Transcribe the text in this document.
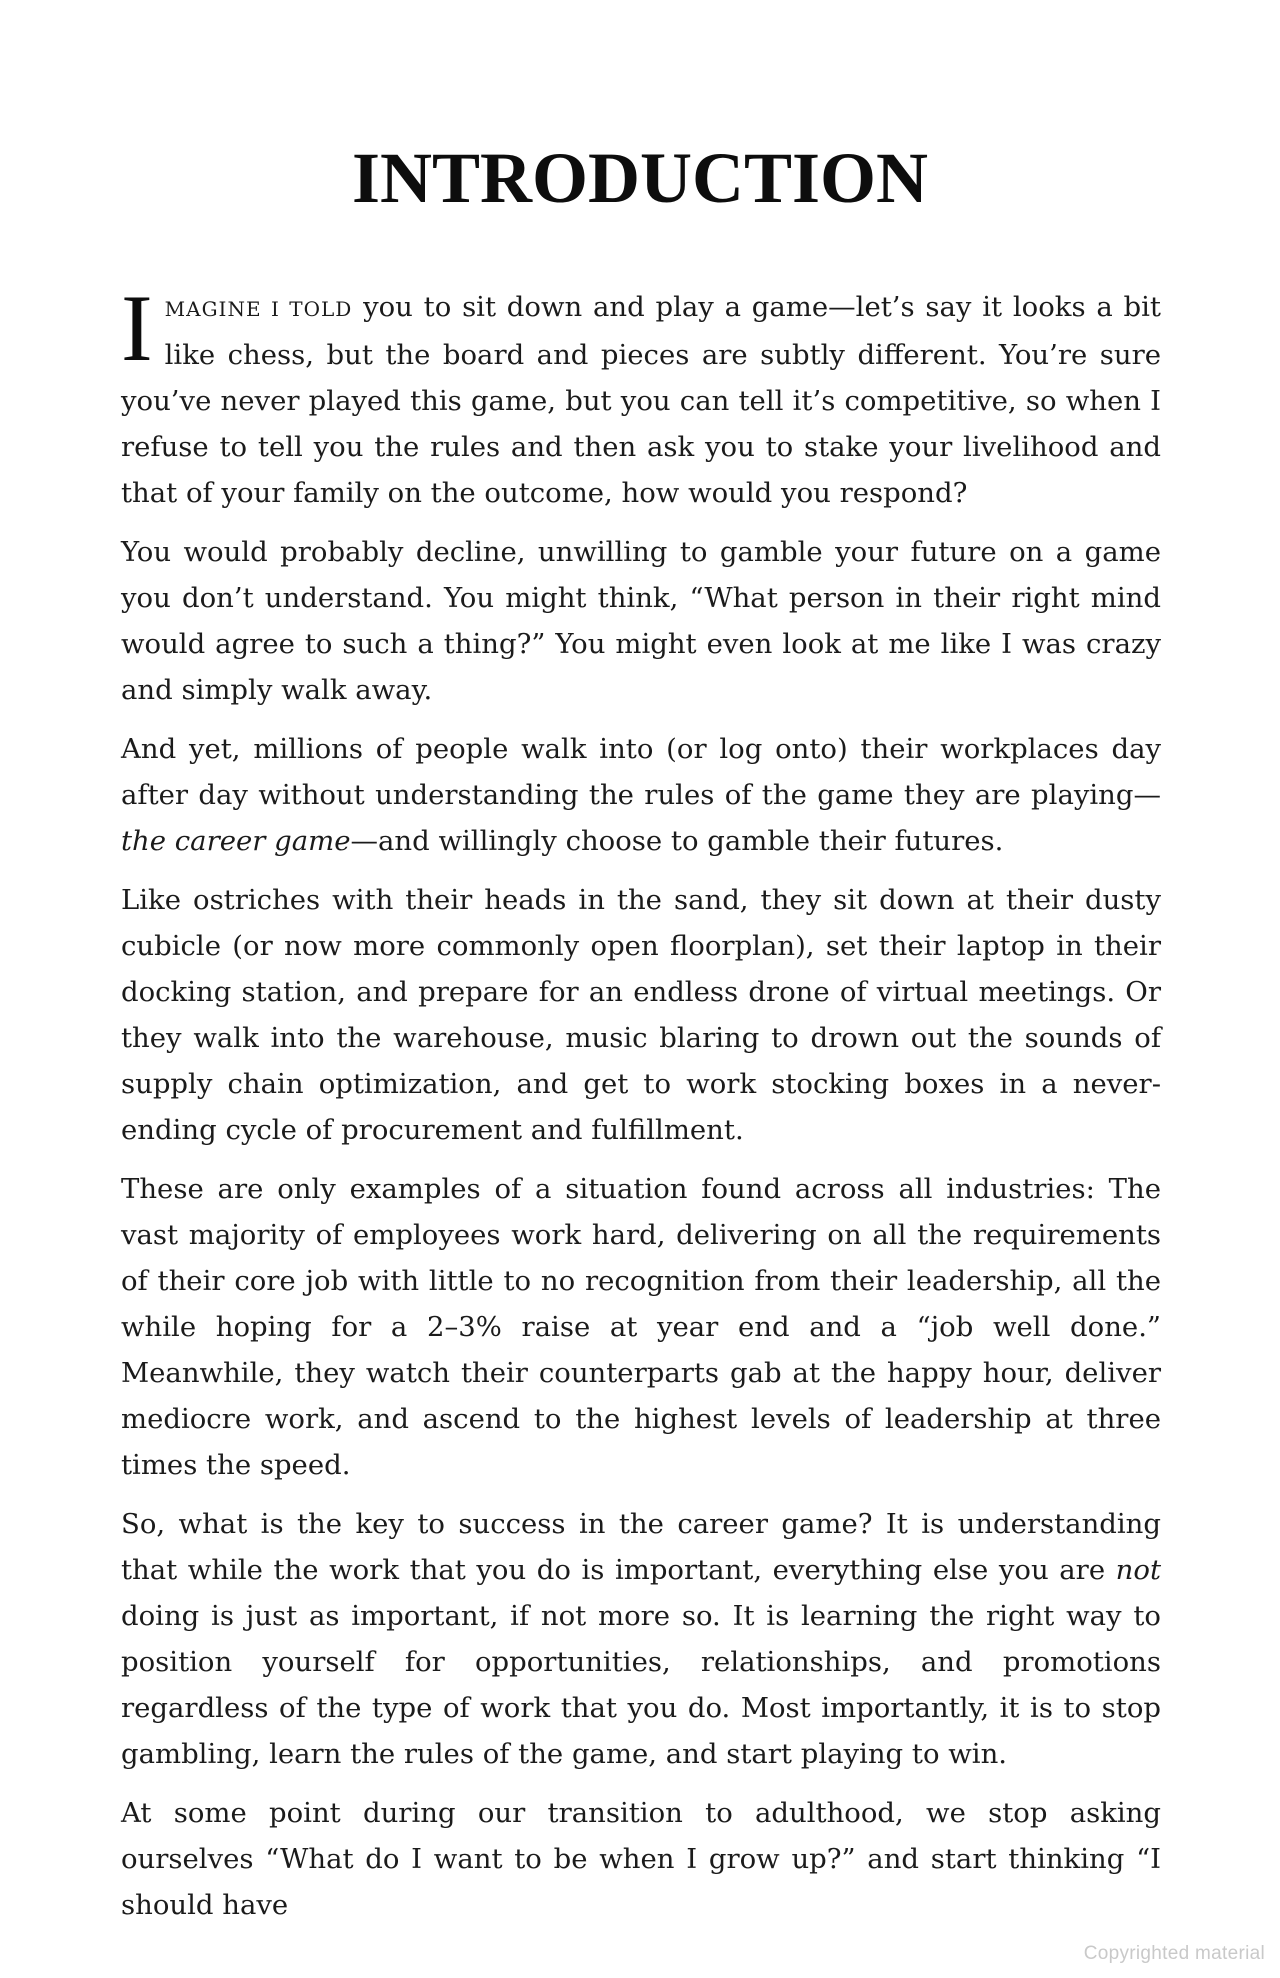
INTRODUCTION

IMAGINE I TOLD you to sit down and play a game—let’s say it looks a bit like chess, but the board and pieces are subtly different. You’re sure you’ve never played this game, but you can tell it’s competitive, so when I refuse to tell you the rules and then ask you to stake your livelihood and that of your family on the outcome, how would you respond?

You would probably decline, unwilling to gamble your future on a game you don’t understand. You might think, “What person in their right mind would agree to such a thing?” You might even look at me like I was crazy and simply walk away.

And yet, millions of people walk into (or log onto) their workplaces day after day without understanding the rules of the game they are playing—the career game—and willingly choose to gamble their futures.

Like ostriches with their heads in the sand, they sit down at their dusty cubicle (or now more commonly open floorplan), set their laptop in their docking station, and prepare for an endless drone of virtual meetings. Or they walk into the warehouse, music blaring to drown out the sounds of supply chain optimization, and get to work stocking boxes in a never-ending cycle of procurement and fulfillment.

These are only examples of a situation found across all industries: The vast majority of employees work hard, delivering on all the requirements of their core job with little to no recognition from their leadership, all the while hoping for a 2–3% raise at year end and a “job well done.” Meanwhile, they watch their counterparts gab at the happy hour, deliver mediocre work, and ascend to the highest levels of leadership at three times the speed.

So, what is the key to success in the career game? It is understanding that while the work that you do is important, everything else you are not doing is just as important, if not more so. It is learning the right way to position yourself for opportunities, relationships, and promotions regardless of the type of work that you do. Most importantly, it is to stop gambling, learn the rules of the game, and start playing to win.

At some point during our transition to adulthood, we stop asking ourselves “What do I want to be when I grow up?” and start thinking “I should have

Copyrighted material
